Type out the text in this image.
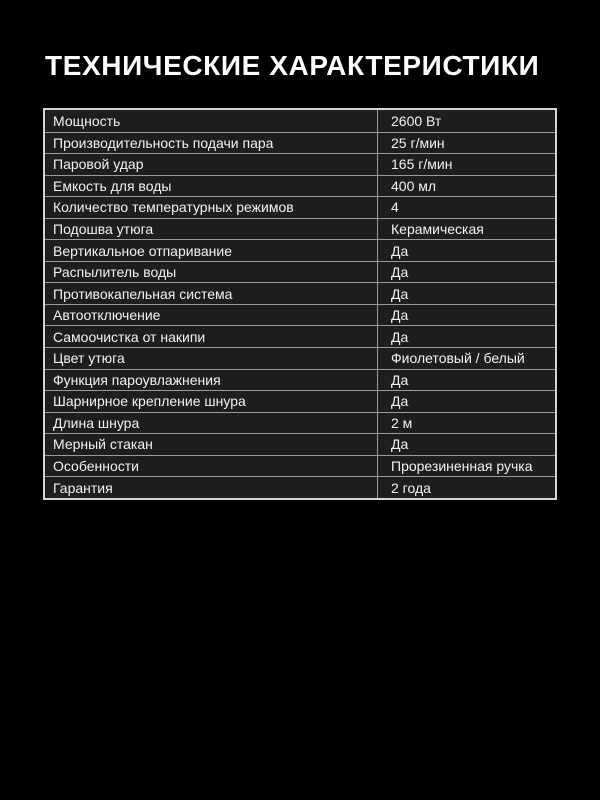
ТЕХНИЧЕСКИЕ ХАРАКТЕРИСТИКИ
Мощность	2600 Вт
Производительность подачи пара	25 г/мин
Паровой удар	165 г/мин
Емкость для воды	400 мл
Количество температурных режимов	4
Подошва утюга	Керамическая
Вертикальное отпаривание	Да
Распылитель воды	Да
Противокапельная система	Да
Автоотключение	Да
Самоочистка от накипи	Да
Цвет утюга	Фиолетовый / белый
Функция пароувлажнения	Да
Шарнирное крепление шнура	Да
Длина шнура	2 м
Мерный стакан	Да
Особенности	Прорезиненная ручка
Гарантия	2 года
